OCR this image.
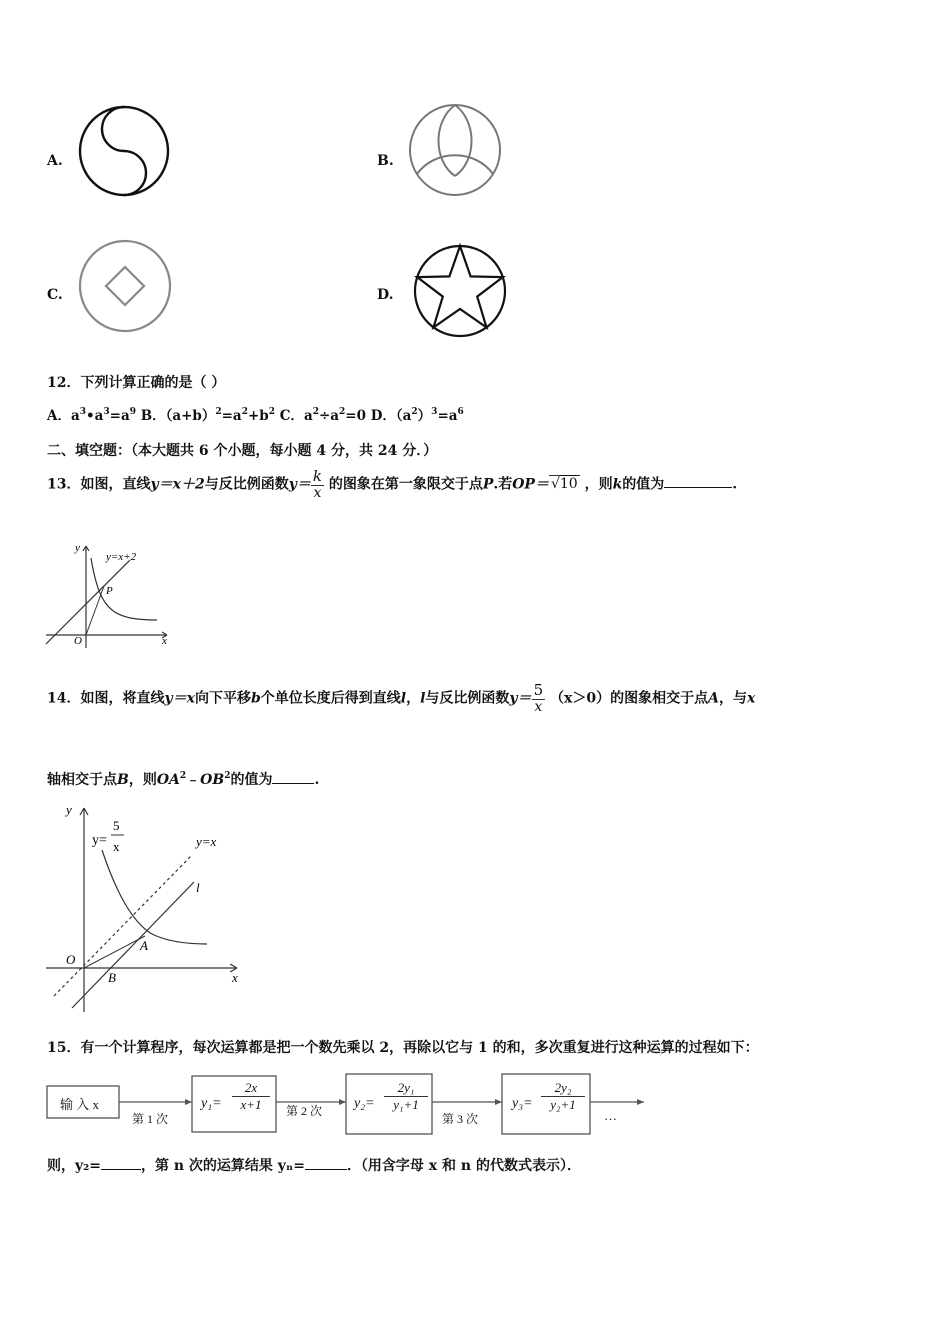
A.	B.
C.	D.
12．下列计算正确的是（ ）
A．$a^3•a^3=a^9$ B．$(a+b)^2=a^2+b^2$ C．$a^2\div a^2=0$ D．$(a^2)^3=a^6$
二、填空题：（本大题共 6 个小题，每小题 4 分，共 24 分．）
13．如图，直线y＝x＋2与反比例函数$y= \frac{k}{x}$ 的图象在第一象限交于点P.若OP＝ √10 ，则k的值为	.
y
y=x+2
P
O	x
14．如图，将直线y＝x向下平移b个单位长度后得到直线l，l与反比例函数$y= \frac{5}{x} (x>0)$的图象相交于点A，与x
轴相交于点B，则$OA^2﹣OB^2$的值为	.
y
y=
5
x	y=x
l
O
A
B	x
15．有一个计算程序，每次运算都是把一个数先乘以 2，再除以它与 1 的和，多次重复进行这种运算的过程如下：
输 入 x
第 1 次
第 2 次
第 3 次
$y_1= \frac{2x}{x+1}$	$y_2= \frac{\text{2y₁}}{\text{y₁+1}}$	$y_3= \frac{\text{2y₂}}{\text{y₂+1}}$
…
则，y₂=	，第 n 次的运算结果 yₙ=	．（用含字母 x 和 n 的代数式表示）．
